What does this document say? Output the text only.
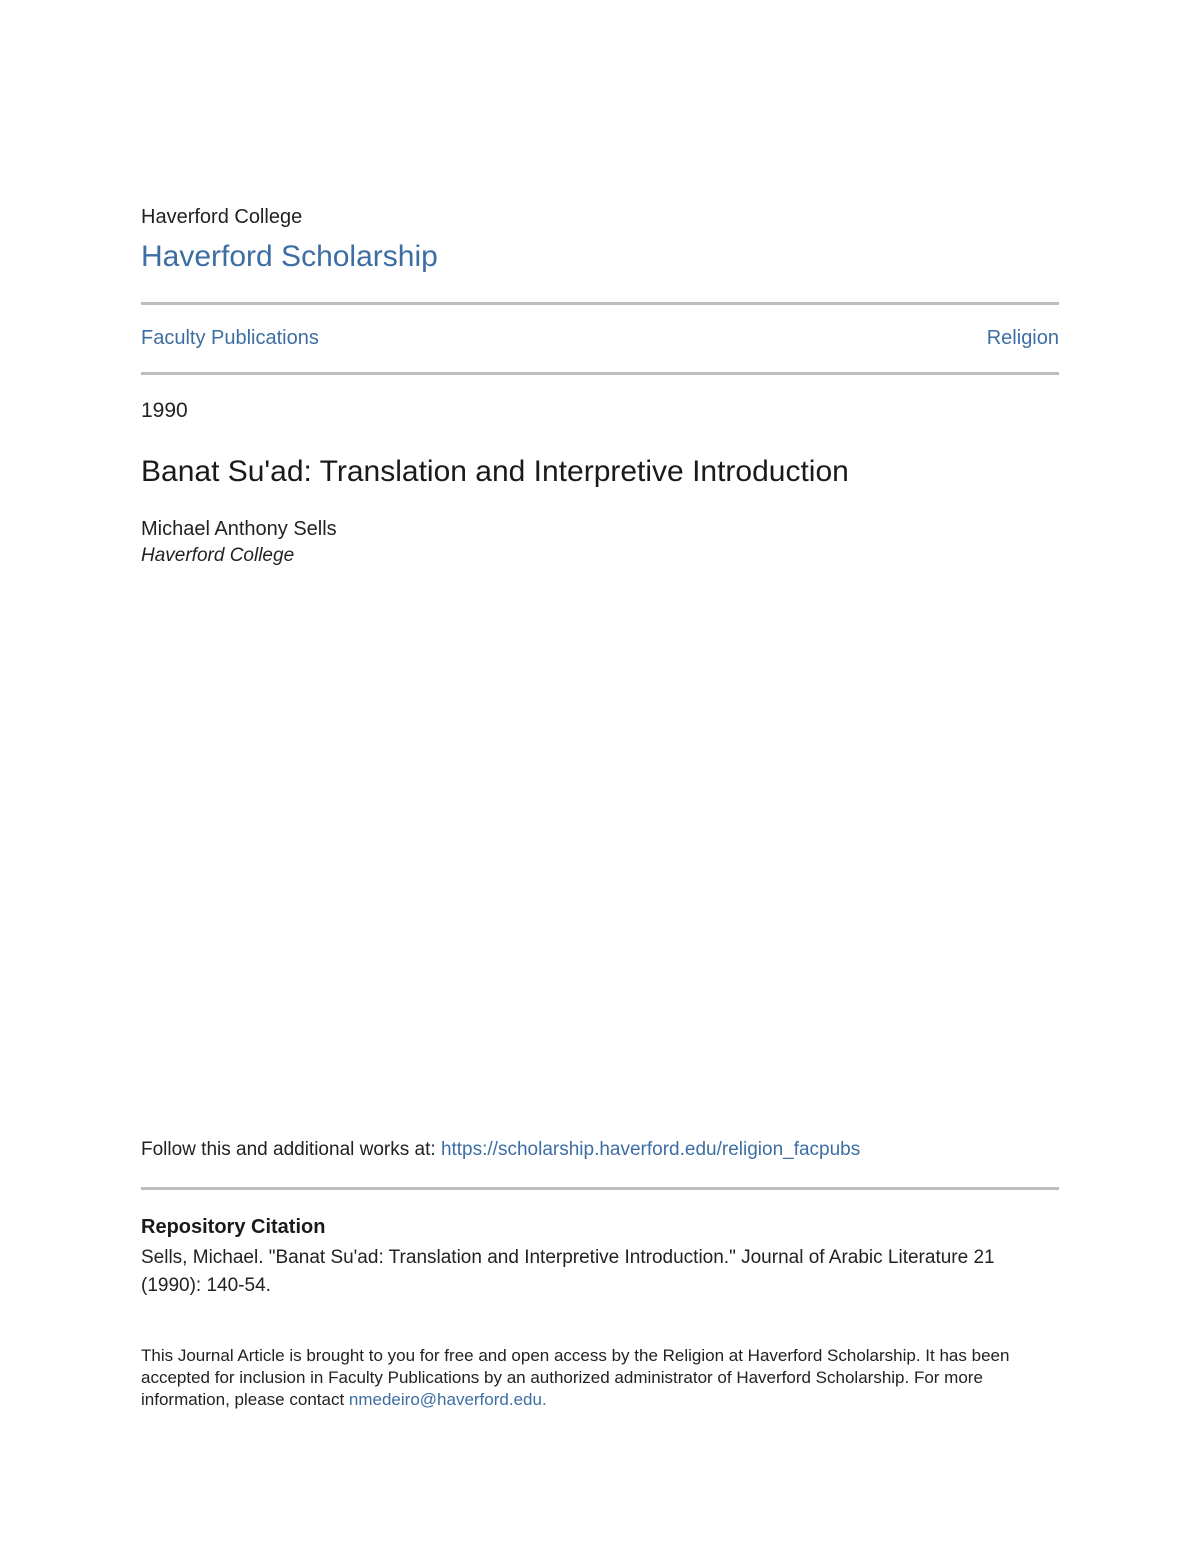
Haverford College
Haverford Scholarship
Faculty Publications	Religion
1990
Banat Su'ad: Translation and Interpretive Introduction
Michael Anthony Sells
Haverford College
Follow this and additional works at: https://scholarship.haverford.edu/religion_facpubs
Repository Citation
Sells, Michael. "Banat Su'ad: Translation and Interpretive Introduction." Journal of Arabic Literature 21 (1990): 140-54.
This Journal Article is brought to you for free and open access by the Religion at Haverford Scholarship. It has been accepted for inclusion in Faculty Publications by an authorized administrator of Haverford Scholarship. For more information, please contact nmedeiro@haverford.edu.
